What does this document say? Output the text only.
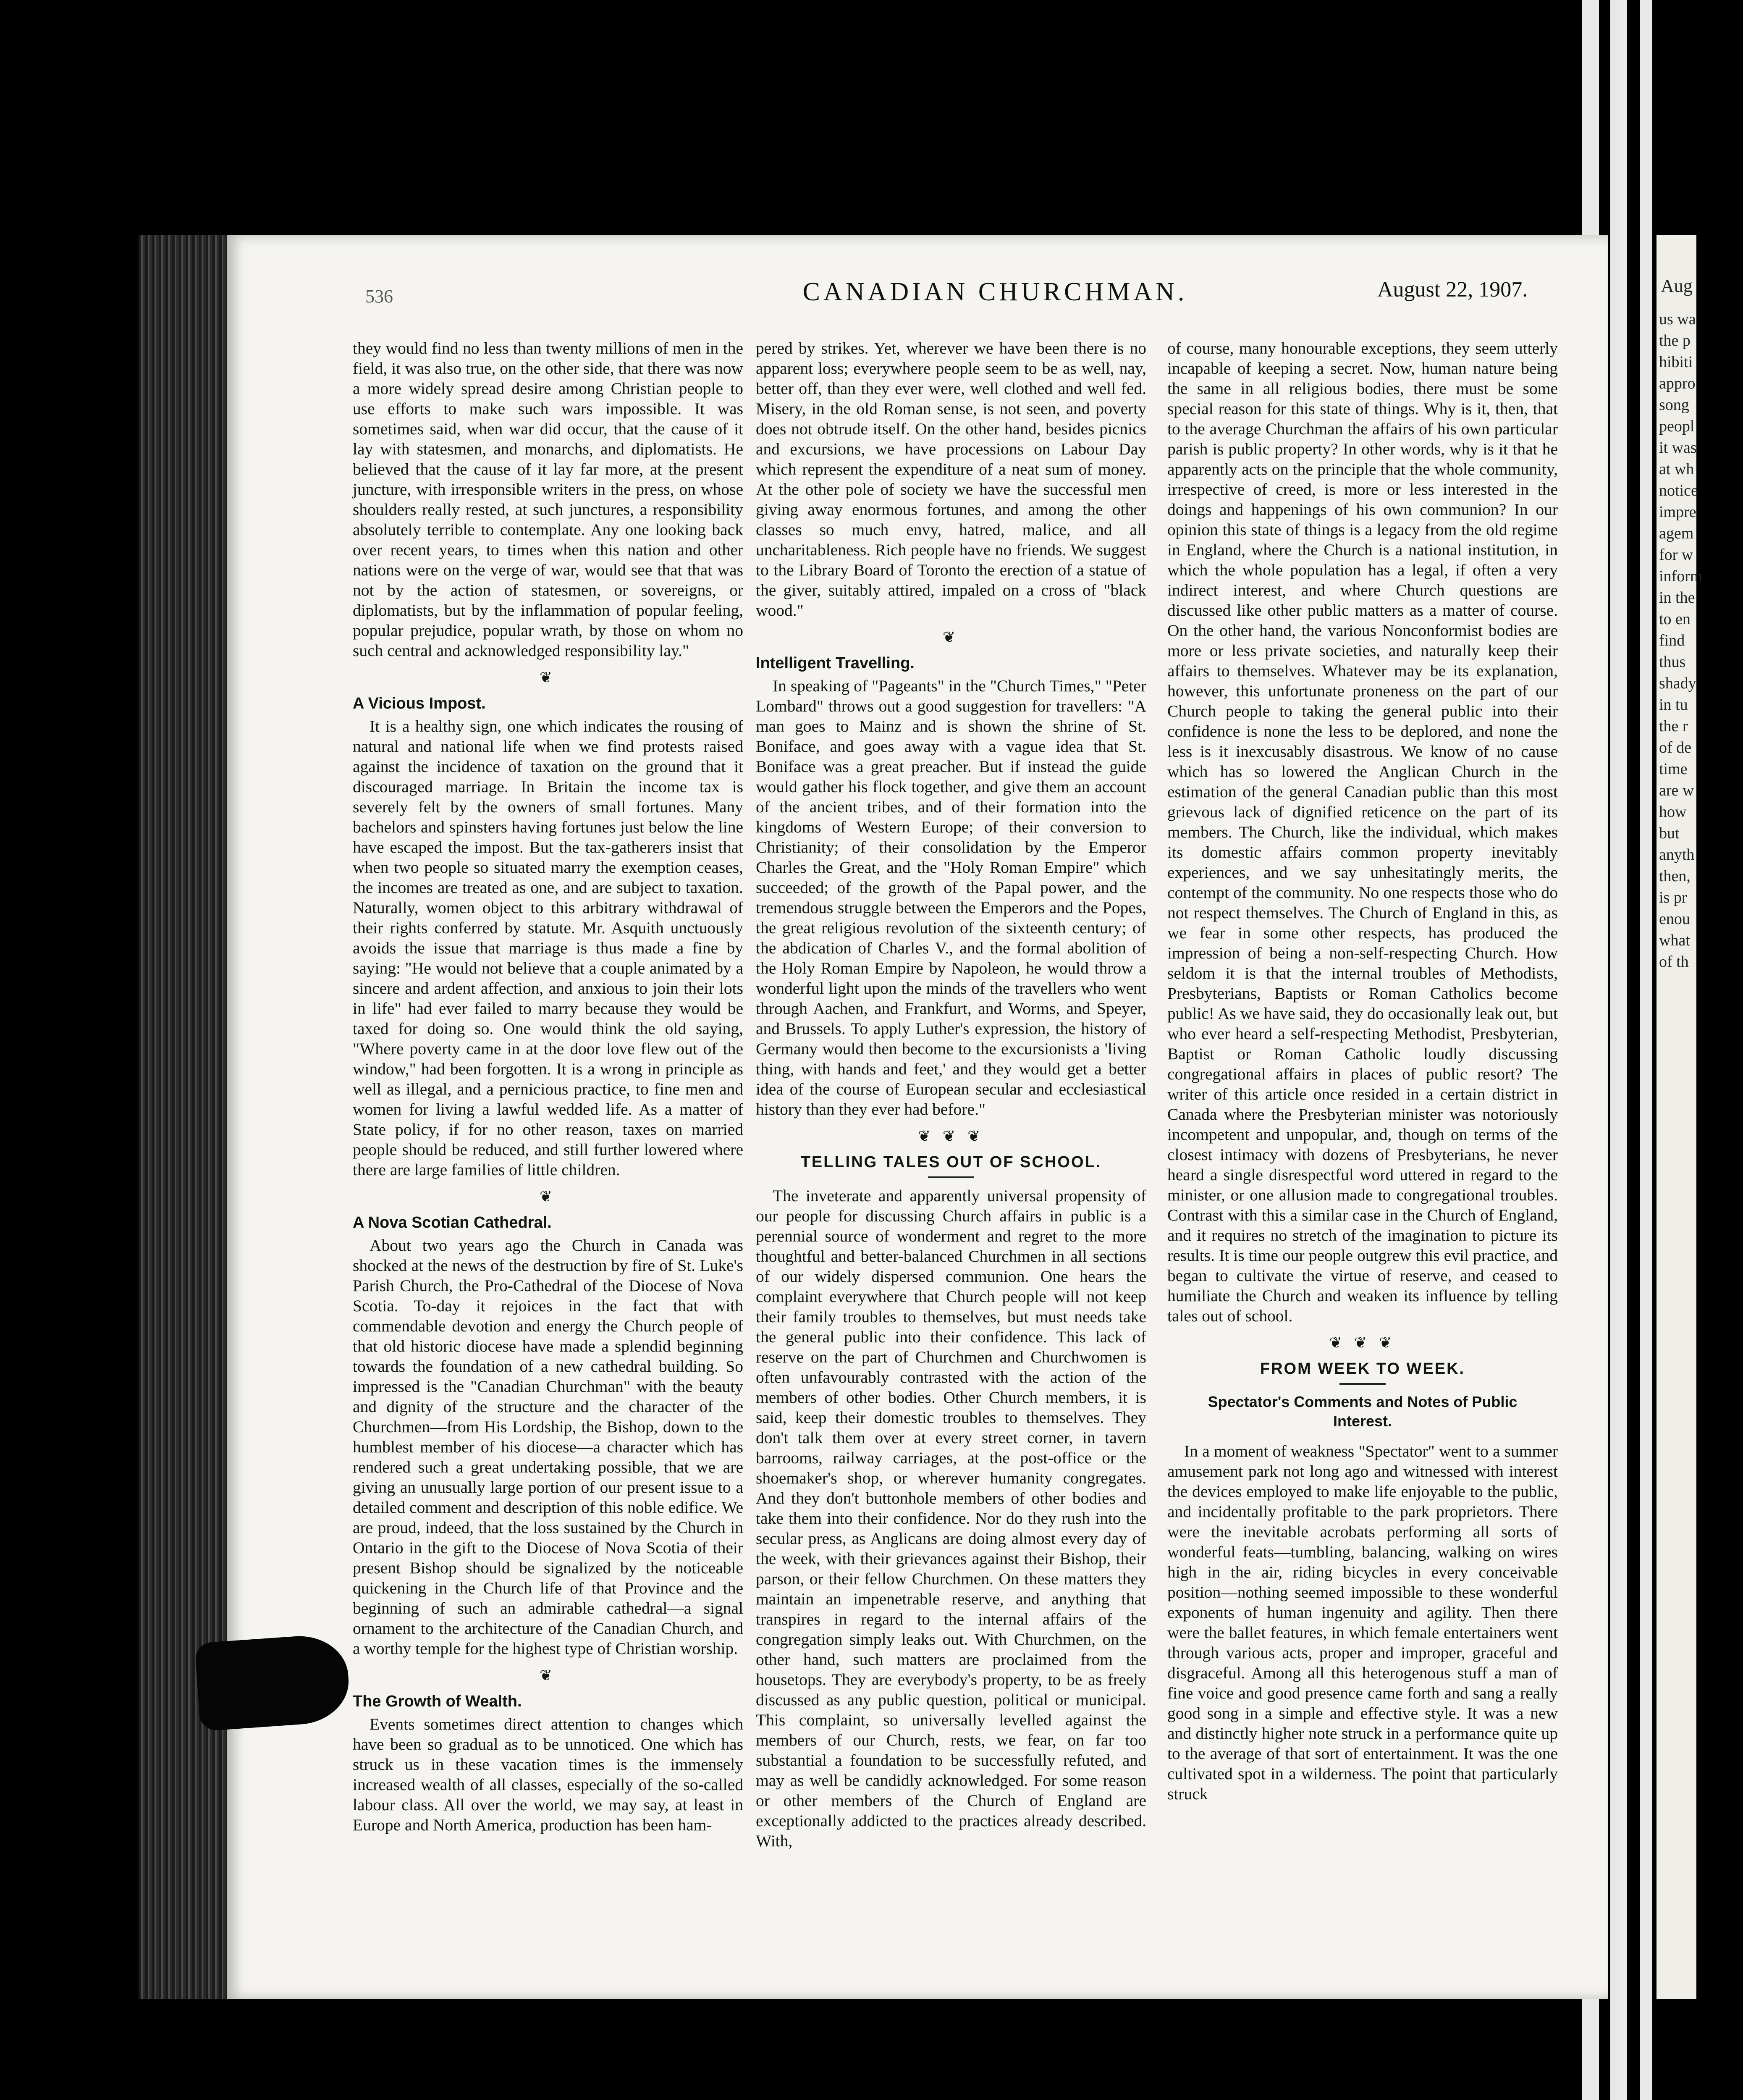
Aug
us wa
the p
hibiti
appro
song
peopl
it was
at wh
notice
impre
agem
for w
inform
in the
to en
find
thus
shady
in tu
the r
of de
time
are w
how
but
anyth
then,
is pr
enou
what
of th
536	CANADIAN CHURCHMAN.	August 22, 1907.

they would find no less than twenty millions of men in the field, it was also true, on the other side, that there was now a more widely spread desire among Christian people to use efforts to make such wars impossible. It was sometimes said, when war did occur, that the cause of it lay with statesmen, and monarchs, and diplomatists. He believed that the cause of it lay far more, at the present juncture, with irresponsible writers in the press, on whose shoulders really rested, at such junctures, a responsibility absolutely terrible to contemplate. Any one looking back over recent years, to times when this nation and other nations were on the verge of war, would see that that was not by the action of statesmen, or sovereigns, or diplomatists, but by the inflammation of popular feeling, popular prejudice, popular wrath, by those on whom no such central and acknowledged responsibility lay."

❦
A Vicious Impost.

It is a healthy sign, one which indicates the rousing of natural and national life when we find protests raised against the incidence of taxation on the ground that it discouraged marriage. In Britain the income tax is severely felt by the owners of small fortunes. Many bachelors and spinsters having fortunes just below the line have escaped the impost. But the tax-gatherers insist that when two people so situated marry the exemption ceases, the incomes are treated as one, and are subject to taxation. Naturally, women object to this arbitrary withdrawal of their rights conferred by statute. Mr. Asquith unctuously avoids the issue that marriage is thus made a fine by saying: "He would not believe that a couple animated by a sincere and ardent affection, and anxious to join their lots in life" had ever failed to marry because they would be taxed for doing so. One would think the old saying, "Where poverty came in at the door love flew out of the window," had been forgotten. It is a wrong in principle as well as illegal, and a pernicious practice, to fine men and women for living a lawful wedded life. As a matter of State policy, if for no other reason, taxes on married people should be reduced, and still further lowered where there are large families of little children.

❦
A Nova Scotian Cathedral.

About two years ago the Church in Canada was shocked at the news of the destruction by fire of St. Luke's Parish Church, the Pro-Cathedral of the Diocese of Nova Scotia. To-day it rejoices in the fact that with commendable devotion and energy the Church people of that old historic diocese have made a splendid beginning towards the foundation of a new cathedral building. So impressed is the "Canadian Churchman" with the beauty and dignity of the structure and the character of the Churchmen—from His Lordship, the Bishop, down to the humblest member of his diocese—a character which has rendered such a great undertaking possible, that we are giving an unusually large portion of our present issue to a detailed comment and description of this noble edifice. We are proud, indeed, that the loss sustained by the Church in Ontario in the gift to the Diocese of Nova Scotia of their present Bishop should be signalized by the noticeable quickening in the Church life of that Province and the beginning of such an admirable cathedral—a signal ornament to the architecture of the Canadian Church, and a worthy temple for the highest type of Christian worship.

❦
The Growth of Wealth.

Events sometimes direct attention to changes which have been so gradual as to be unnoticed. One which has struck us in these vacation times is the immensely increased wealth of all classes, especially of the so-called labour class. All over the world, we may say, at least in Europe and North America, production has been ham-

pered by strikes. Yet, wherever we have been there is no apparent loss; everywhere people seem to be as well, nay, better off, than they ever were, well clothed and well fed. Misery, in the old Roman sense, is not seen, and poverty does not obtrude itself. On the other hand, besides picnics and excursions, we have processions on Labour Day which represent the expenditure of a neat sum of money. At the other pole of society we have the successful men giving away enormous fortunes, and among the other classes so much envy, hatred, malice, and all uncharitableness. Rich people have no friends. We suggest to the Library Board of Toronto the erection of a statue of the giver, suitably attired, impaled on a cross of "black wood."

❦
Intelligent Travelling.

In speaking of "Pageants" in the "Church Times," "Peter Lombard" throws out a good suggestion for travellers: "A man goes to Mainz and is shown the shrine of St. Boniface, and goes away with a vague idea that St. Boniface was a great preacher. But if instead the guide would gather his flock together, and give them an account of the ancient tribes, and of their formation into the kingdoms of Western Europe; of their conversion to Christianity; of their consolidation by the Emperor Charles the Great, and the "Holy Roman Empire" which succeeded; of the growth of the Papal power, and the tremendous struggle between the Emperors and the Popes, the great religious revolution of the sixteenth century; of the abdication of Charles V., and the formal abolition of the Holy Roman Empire by Napoleon, he would throw a wonderful light upon the minds of the travellers who went through Aachen, and Frankfurt, and Worms, and Speyer, and Brussels. To apply Luther's expression, the history of Germany would then become to the excursionists a 'living thing, with hands and feet,' and they would get a better idea of the course of European secular and ecclesiastical history than they ever had before."

❦ ❦ ❦
TELLING TALES OUT OF SCHOOL.

The inveterate and apparently universal propensity of our people for discussing Church affairs in public is a perennial source of wonderment and regret to the more thoughtful and better-balanced Churchmen in all sections of our widely dispersed communion. One hears the complaint everywhere that Church people will not keep their family troubles to themselves, but must needs take the general public into their confidence. This lack of reserve on the part of Churchmen and Churchwomen is often unfavourably contrasted with the action of the members of other bodies. Other Church members, it is said, keep their domestic troubles to themselves. They don't talk them over at every street corner, in tavern barrooms, railway carriages, at the post-office or the shoemaker's shop, or wherever humanity congregates. And they don't buttonhole members of other bodies and take them into their confidence. Nor do they rush into the secular press, as Anglicans are doing almost every day of the week, with their grievances against their Bishop, their parson, or their fellow Churchmen. On these matters they maintain an impenetrable reserve, and anything that transpires in regard to the internal affairs of the congregation simply leaks out. With Churchmen, on the other hand, such matters are proclaimed from the housetops. They are everybody's property, to be as freely discussed as any public question, political or municipal. This complaint, so universally levelled against the members of our Church, rests, we fear, on far too substantial a foundation to be successfully refuted, and may as well be candidly acknowledged. For some reason or other members of the Church of England are exceptionally addicted to the practices already described. With,

of course, many honourable exceptions, they seem utterly incapable of keeping a secret. Now, human nature being the same in all religious bodies, there must be some special reason for this state of things. Why is it, then, that to the average Churchman the affairs of his own particular parish is public property? In other words, why is it that he apparently acts on the principle that the whole community, irrespective of creed, is more or less interested in the doings and happenings of his own communion? In our opinion this state of things is a legacy from the old regime in England, where the Church is a national institution, in which the whole population has a legal, if often a very indirect interest, and where Church questions are discussed like other public matters as a matter of course. On the other hand, the various Nonconformist bodies are more or less private societies, and naturally keep their affairs to themselves. Whatever may be its explanation, however, this unfortunate proneness on the part of our Church people to taking the general public into their confidence is none the less to be deplored, and none the less is it inexcusably disastrous. We know of no cause which has so lowered the Anglican Church in the estimation of the general Canadian public than this most grievous lack of dignified reticence on the part of its members. The Church, like the individual, which makes its domestic affairs common property inevitably experiences, and we say unhesitatingly merits, the contempt of the community. No one respects those who do not respect themselves. The Church of England in this, as we fear in some other respects, has produced the impression of being a non-self-respecting Church. How seldom it is that the internal troubles of Methodists, Presbyterians, Baptists or Roman Catholics become public! As we have said, they do occasionally leak out, but who ever heard a self-respecting Methodist, Presbyterian, Baptist or Roman Catholic loudly discussing congregational affairs in places of public resort? The writer of this article once resided in a certain district in Canada where the Presbyterian minister was notoriously incompetent and unpopular, and, though on terms of the closest intimacy with dozens of Presbyterians, he never heard a single disrespectful word uttered in regard to the minister, or one allusion made to congregational troubles. Contrast with this a similar case in the Church of England, and it requires no stretch of the imagination to picture its results. It is time our people outgrew this evil practice, and began to cultivate the virtue of reserve, and ceased to humiliate the Church and weaken its influence by telling tales out of school.

❦ ❦ ❦
FROM WEEK TO WEEK.
Spectator's Comments and Notes of Public Interest.

In a moment of weakness "Spectator" went to a summer amusement park not long ago and witnessed with interest the devices employed to make life enjoyable to the public, and incidentally profitable to the park proprietors. There were the inevitable acrobats performing all sorts of wonderful feats—tumbling, balancing, walking on wires high in the air, riding bicycles in every conceivable position—nothing seemed impossible to these wonderful exponents of human ingenuity and agility. Then there were the ballet features, in which female entertainers went through various acts, proper and improper, graceful and disgraceful. Among all this heterogenous stuff a man of fine voice and good presence came forth and sang a really good song in a simple and effective style. It was a new and distinctly higher note struck in a performance quite up to the average of that sort of entertainment. It was the one cultivated spot in a wilderness. The point that particularly struck
